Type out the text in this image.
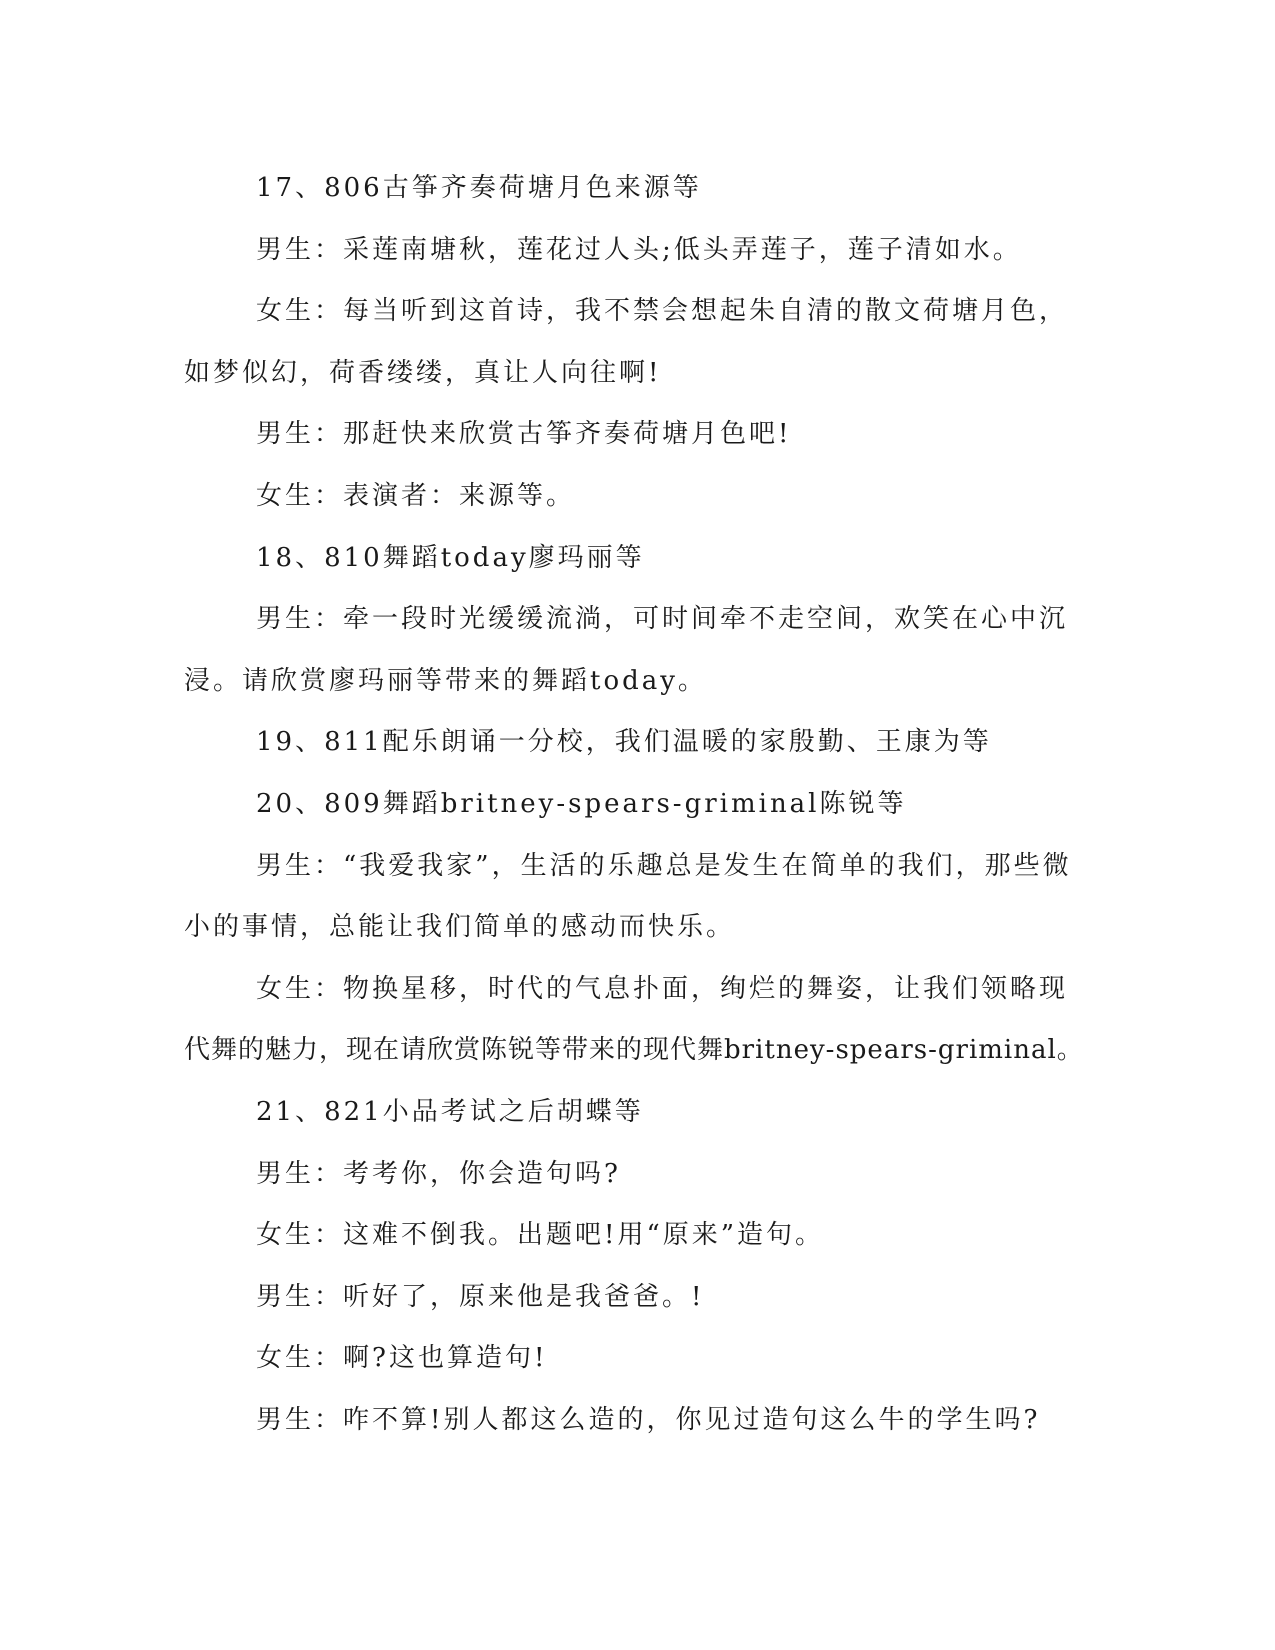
17、806古筝齐奏荷塘月色来源等

男生：采莲南塘秋，莲花过人头;低头弄莲子，莲子清如水。

女生：每当听到这首诗，我不禁会想起朱自清的散文荷塘月色，

如梦似幻，荷香缕缕，真让人向往啊!

男生：那赶快来欣赏古筝齐奏荷塘月色吧!

女生：表演者：来源等。

18、810舞蹈today廖玛丽等

男生：牵一段时光缓缓流淌，可时间牵不走空间，欢笑在心中沉

浸。请欣赏廖玛丽等带来的舞蹈today。

19、811配乐朗诵一分校，我们温暖的家殷勤、王康为等

20、809舞蹈britney-spears-griminal陈锐等

男生：“我爱我家”，生活的乐趣总是发生在简单的我们，那些微

小的事情，总能让我们简单的感动而快乐。

女生：物换星移，时代的气息扑面，绚烂的舞姿，让我们领略现

代舞的魅力，现在请欣赏陈锐等带来的现代舞britney-spears-griminal。

21、821小品考试之后胡蝶等

男生：考考你，你会造句吗?

女生：这难不倒我。出题吧!用“原来”造句。

男生：听好了，原来他是我爸爸。!

女生：啊?这也算造句!

男生：咋不算!别人都这么造的，你见过造句这么牛的学生吗?
